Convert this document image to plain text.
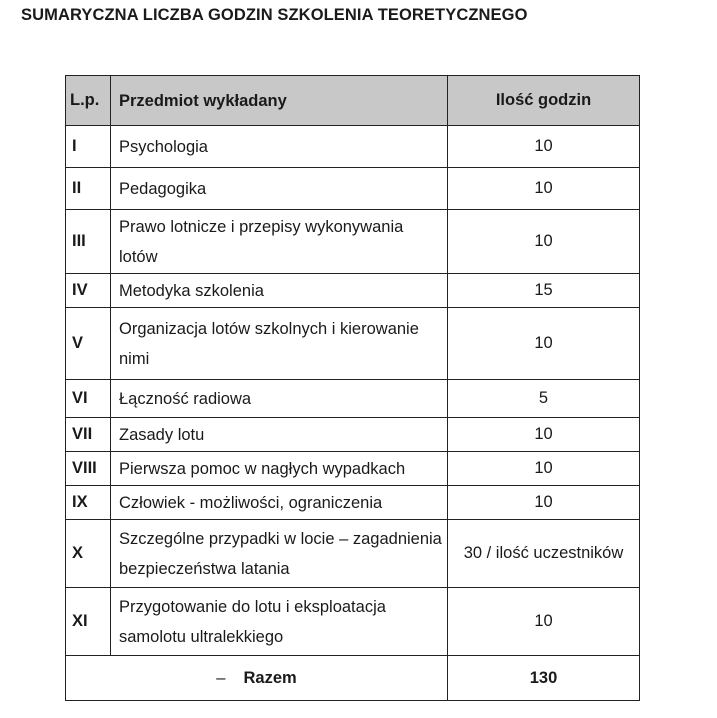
SUMARYCZNA LICZBA GODZIN SZKOLENIA TEORETYCZNEGO
L.p.	Przedmiot wykładany	Ilość godzin
I	Psychologia	10
II	Pedagogika	10
III	Prawo lotnicze i przepisy wykonywania lotów	10
IV	Metodyka szkolenia	15
V	Organizacja lotów szkolnych i kierowanie nimi	10
VI	Łączność radiowa	5
VII	Zasady lotu	10
VIII	Pierwsza pomoc w nagłych wypadkach	10
IX	Człowiek - możliwości, ograniczenia	10
X	Szczególne przypadki w locie – zagadnienia bezpieczeństwa latania	30 / ilość uczestników
XI	Przygotowanie do lotu i eksploatacja samolotu ultralekkiego	10
– Razem		130
